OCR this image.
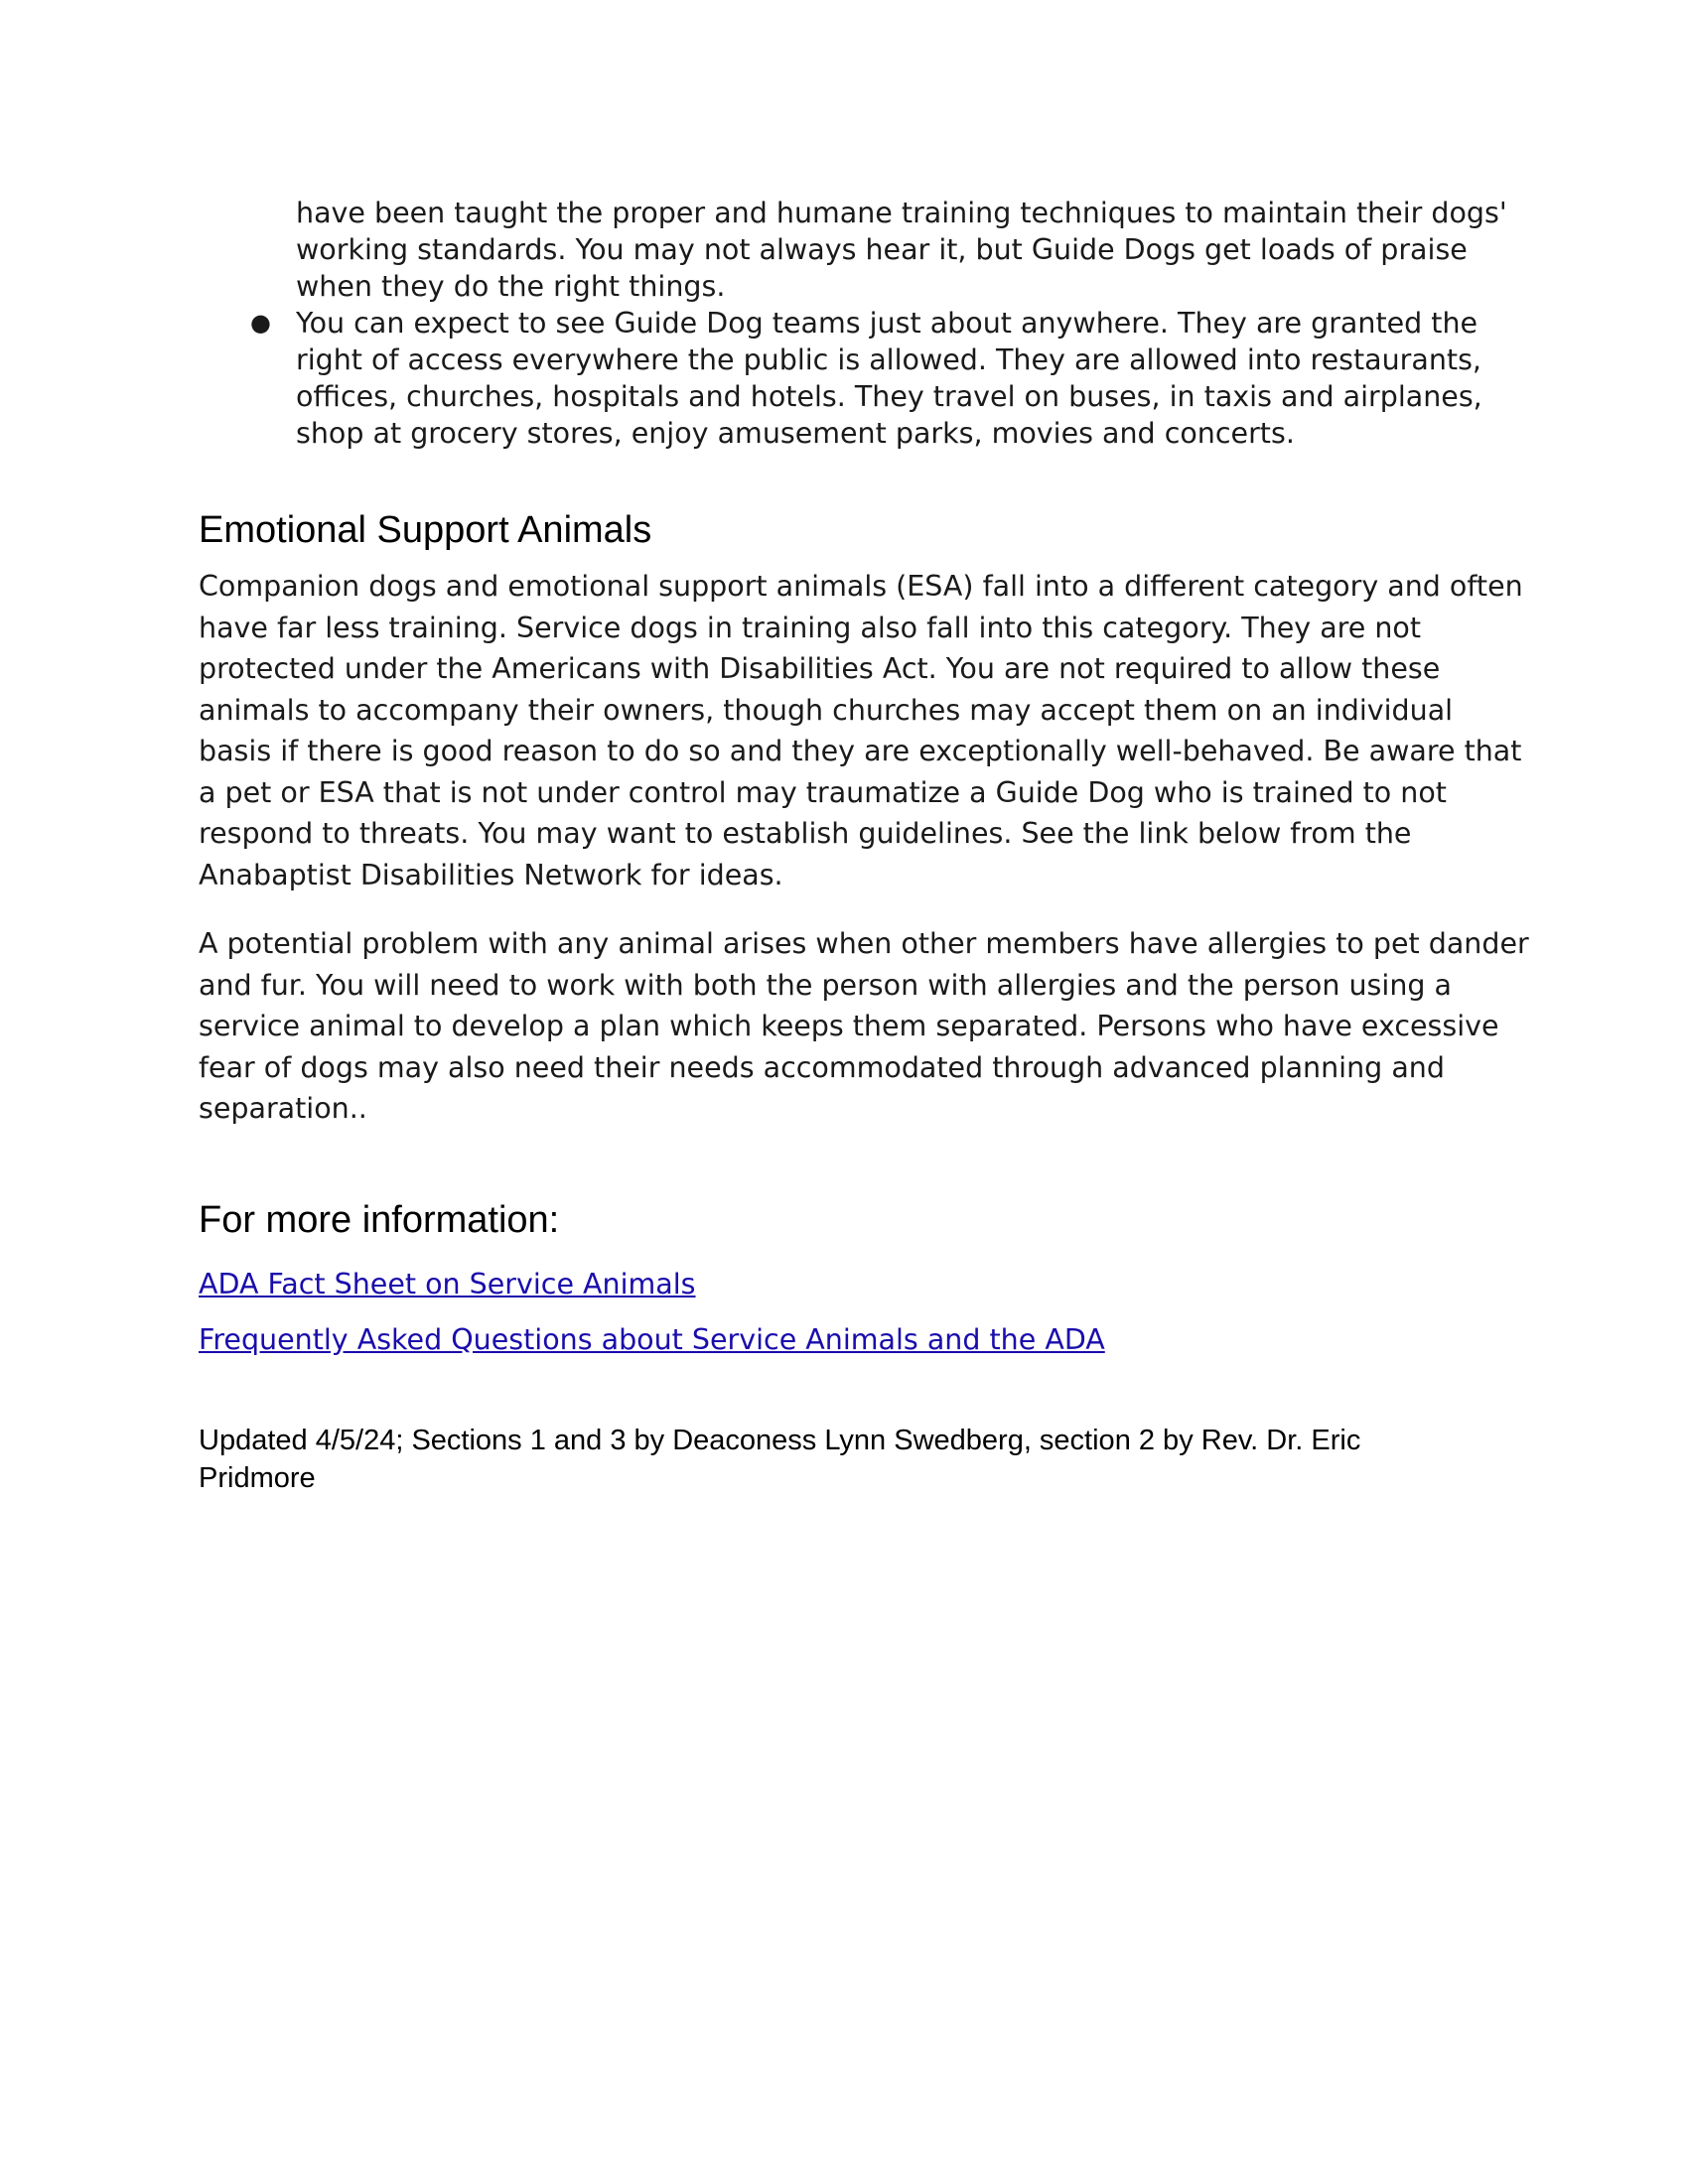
have been taught the proper and humane training techniques to maintain their dogs' working standards. You may not always hear it, but Guide Dogs get loads of praise when they do the right things.
● You can expect to see Guide Dog teams just about anywhere. They are granted the right of access everywhere the public is allowed. They are allowed into restaurants, offices, churches, hospitals and hotels. They travel on buses, in taxis and airplanes, shop at grocery stores, enjoy amusement parks, movies and concerts.
Emotional Support Animals

Companion dogs and emotional support animals (ESA) fall into a different category and often have far less training. Service dogs in training also fall into this category. They are not protected under the Americans with Disabilities Act. You are not required to allow these animals to accompany their owners, though churches may accept them on an individual basis if there is good reason to do so and they are exceptionally well-behaved. Be aware that a pet or ESA that is not under control may traumatize a Guide Dog who is trained to not respond to threats. You may want to establish guidelines. See the link below from the Anabaptist Disabilities Network for ideas.

A potential problem with any animal arises when other members have allergies to pet dander and fur. You will need to work with both the person with allergies and the person using a service animal to develop a plan which keeps them separated. Persons who have excessive fear of dogs may also need their needs accommodated through advanced planning and separation..

For more information:
ADA Fact Sheet on Service Animals
Frequently Asked Questions about Service Animals and the ADA
Updated 4/5/24; Sections 1 and 3 by Deaconess Lynn Swedberg, section 2 by Rev. Dr. Eric Pridmore
